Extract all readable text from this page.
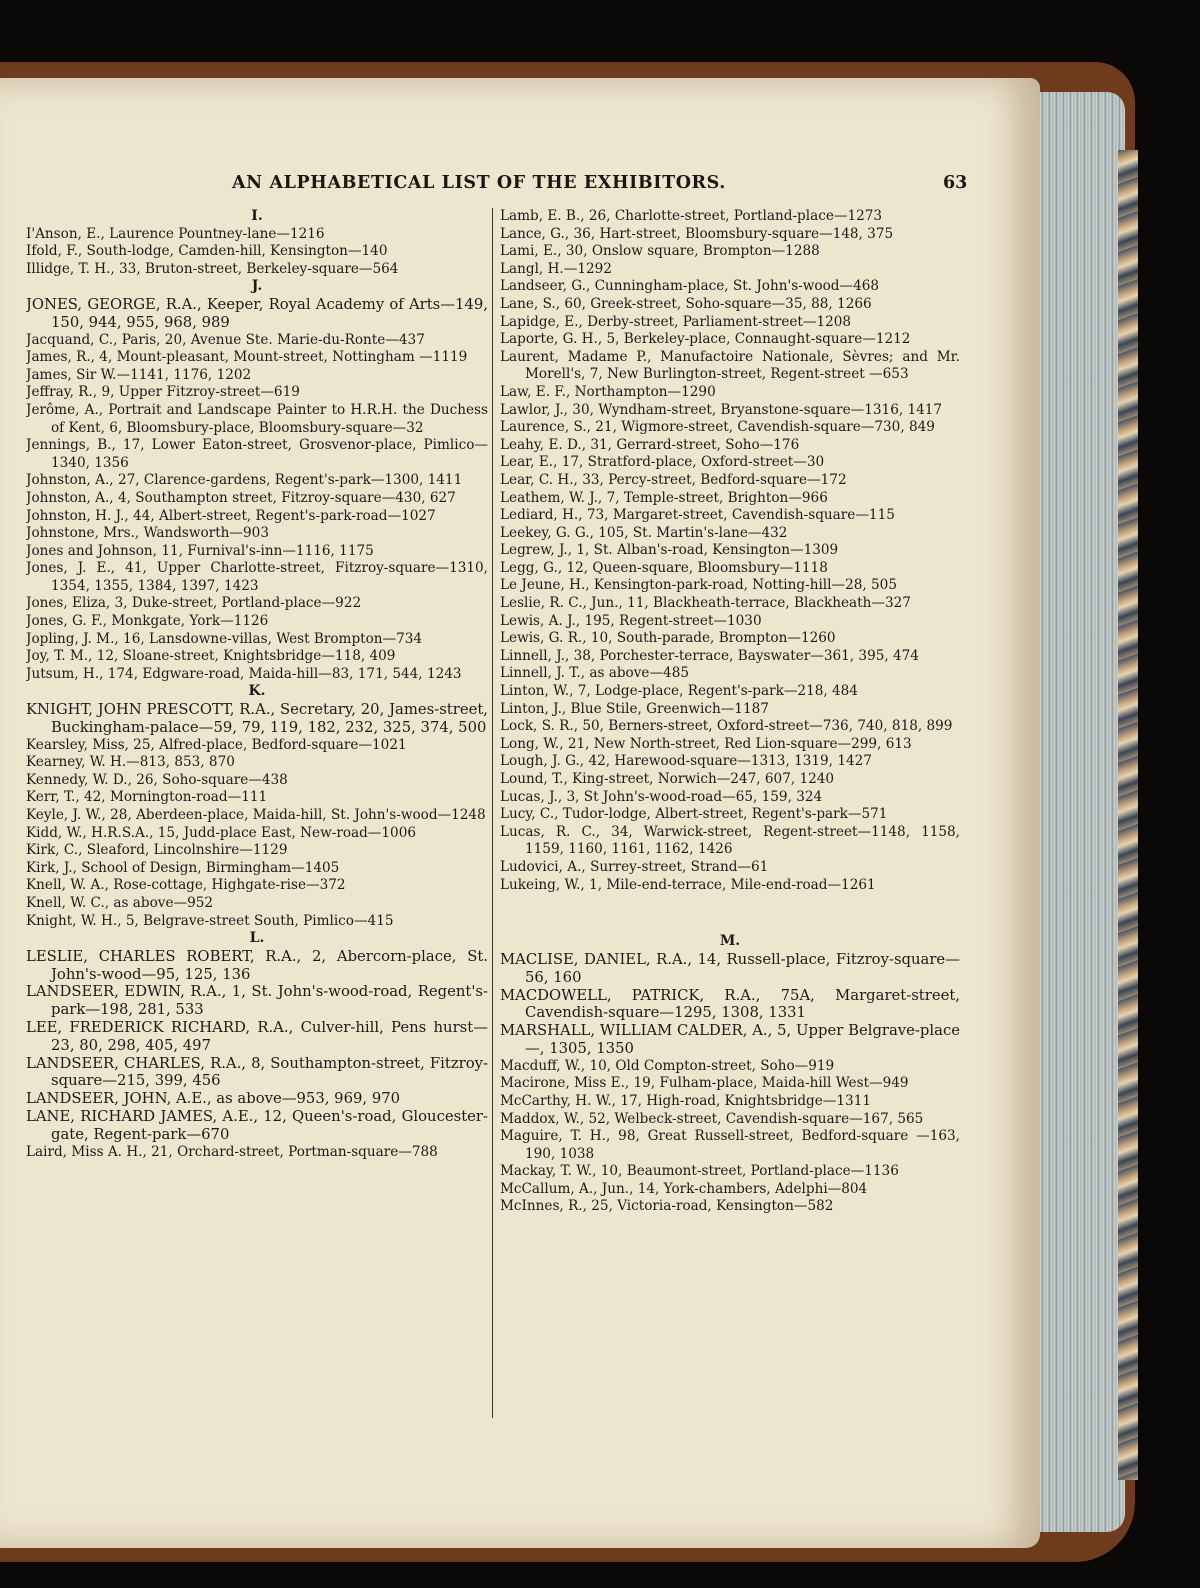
AN ALPHABETICAL LIST OF THE EXHIBITORS.	63

I.

I'Anson, E., Laurence Pountney-lane—1216

Ifold, F., South-lodge, Camden-hill, Kensington—140

Illidge, T. H., 33, Bruton-street, Berkeley-square—564

J.

JONES, GEORGE, R.A., Keeper, Royal Academy of Arts—149, 150, 944, 955, 968, 989

Jacquand, C., Paris, 20, Avenue Ste. Marie-du-Ronte—437

James, R., 4, Mount-pleasant, Mount-street, Nottingham —1119

James, Sir W.—1141, 1176, 1202

Jeffray, R., 9, Upper Fitzroy-street—619

Jerôme, A., Portrait and Landscape Painter to H.R.H. the Duchess of Kent, 6, Bloomsbury-place, Bloomsbury-square—32

Jennings, B., 17, Lower Eaton-street, Grosvenor-place, Pimlico—1340, 1356

Johnston, A., 27, Clarence-gardens, Regent's-park—1300, 1411

Johnston, A., 4, Southampton street, Fitzroy-square—430, 627

Johnston, H. J., 44, Albert-street, Regent's-park-road—1027

Johnstone, Mrs., Wandsworth—903

Jones and Johnson, 11, Furnival's-inn—1116, 1175

Jones, J. E., 41, Upper Charlotte-street, Fitzroy-square—1310, 1354, 1355, 1384, 1397, 1423

Jones, Eliza, 3, Duke-street, Portland-place—922

Jones, G. F., Monkgate, York—1126

Jopling, J. M., 16, Lansdowne-villas, West Brompton—734

Joy, T. M., 12, Sloane-street, Knightsbridge—118, 409

Jutsum, H., 174, Edgware-road, Maida-hill—83, 171, 544, 1243

K.

KNIGHT, JOHN PRESCOTT, R.A., Secretary, 20, James-street, Buckingham-palace—59, 79, 119, 182, 232, 325, 374, 500

Kearsley, Miss, 25, Alfred-place, Bedford-square—1021

Kearney, W. H.—813, 853, 870

Kennedy, W. D., 26, Soho-square—438

Kerr, T., 42, Mornington-road—111

Keyle, J. W., 28, Aberdeen-place, Maida-hill, St. John's-wood—1248

Kidd, W., H.R.S.A., 15, Judd-place East, New-road—1006

Kirk, C., Sleaford, Lincolnshire—1129

Kirk, J., School of Design, Birmingham—1405

Knell, W. A., Rose-cottage, Highgate-rise—372

Knell, W. C., as above—952

Knight, W. H., 5, Belgrave-street South, Pimlico—415

L.

LESLIE, CHARLES ROBERT, R.A., 2, Abercorn-place, St. John's-wood—95, 125, 136

LANDSEER, EDWIN, R.A., 1, St. John's-wood-road, Regent's-park—198, 281, 533

LEE, FREDERICK RICHARD, R.A., Culver-hill, Pens hurst—23, 80, 298, 405, 497

LANDSEER, CHARLES, R.A., 8, Southampton-street, Fitzroy-square—215, 399, 456

LANDSEER, JOHN, A.E., as above—953, 969, 970

LANE, RICHARD JAMES, A.E., 12, Queen's-road, Gloucester-gate, Regent-park—670

Laird, Miss A. H., 21, Orchard-street, Portman-square—788

Lamb, E. B., 26, Charlotte-street, Portland-place—1273

Lance, G., 36, Hart-street, Bloomsbury-square—148, 375

Lami, E., 30, Onslow square, Brompton—1288

Langl, H.—1292

Landseer, G., Cunningham-place, St. John's-wood—468

Lane, S., 60, Greek-street, Soho-square—35, 88, 1266

Lapidge, E., Derby-street, Parliament-street—1208

Laporte, G. H., 5, Berkeley-place, Connaught-square—1212

Laurent, Madame P., Manufactoire Nationale, Sèvres; and Mr. Morell's, 7, New Burlington-street, Regent-street —653

Law, E. F., Northampton—1290

Lawlor, J., 30, Wyndham-street, Bryanstone-square—1316, 1417

Laurence, S., 21, Wigmore-street, Cavendish-square—730, 849

Leahy, E. D., 31, Gerrard-street, Soho—176

Lear, E., 17, Stratford-place, Oxford-street—30

Lear, C. H., 33, Percy-street, Bedford-square—172

Leathem, W. J., 7, Temple-street, Brighton—966

Lediard, H., 73, Margaret-street, Cavendish-square—115

Leekey, G. G., 105, St. Martin's-lane—432

Legrew, J., 1, St. Alban's-road, Kensington—1309

Legg, G., 12, Queen-square, Bloomsbury—1118

Le Jeune, H., Kensington-park-road, Notting-hill—28, 505

Leslie, R. C., Jun., 11, Blackheath-terrace, Blackheath—327

Lewis, A. J., 195, Regent-street—1030

Lewis, G. R., 10, South-parade, Brompton—1260

Linnell, J., 38, Porchester-terrace, Bayswater—361, 395, 474

Linnell, J. T., as above—485

Linton, W., 7, Lodge-place, Regent's-park—218, 484

Linton, J., Blue Stile, Greenwich—1187

Lock, S. R., 50, Berners-street, Oxford-street—736, 740, 818, 899

Long, W., 21, New North-street, Red Lion-square—299, 613

Lough, J. G., 42, Harewood-square—1313, 1319, 1427

Lound, T., King-street, Norwich—247, 607, 1240

Lucas, J., 3, St John's-wood-road—65, 159, 324

Lucy, C., Tudor-lodge, Albert-street, Regent's-park—571

Lucas, R. C., 34, Warwick-street, Regent-street—1148, 1158, 1159, 1160, 1161, 1162, 1426

Ludovici, A., Surrey-street, Strand—61

Lukeing, W., 1, Mile-end-terrace, Mile-end-road—1261

M.

MACLISE, DANIEL, R.A., 14, Russell-place, Fitzroy-square—56, 160

MACDOWELL, PATRICK, R.A., 75A, Margaret-street, Cavendish-square—1295, 1308, 1331

MARSHALL, WILLIAM CALDER, A., 5, Upper Belgrave-place—, 1305, 1350

Macduff, W., 10, Old Compton-street, Soho—919

Macirone, Miss E., 19, Fulham-place, Maida-hill West—949

McCarthy, H. W., 17, High-road, Knightsbridge—1311

Maddox, W., 52, Welbeck-street, Cavendish-square—167, 565

Maguire, T. H., 98, Great Russell-street, Bedford-square —163, 190, 1038

Mackay, T. W., 10, Beaumont-street, Portland-place—1136

McCallum, A., Jun., 14, York-chambers, Adelphi—804

McInnes, R., 25, Victoria-road, Kensington—582
